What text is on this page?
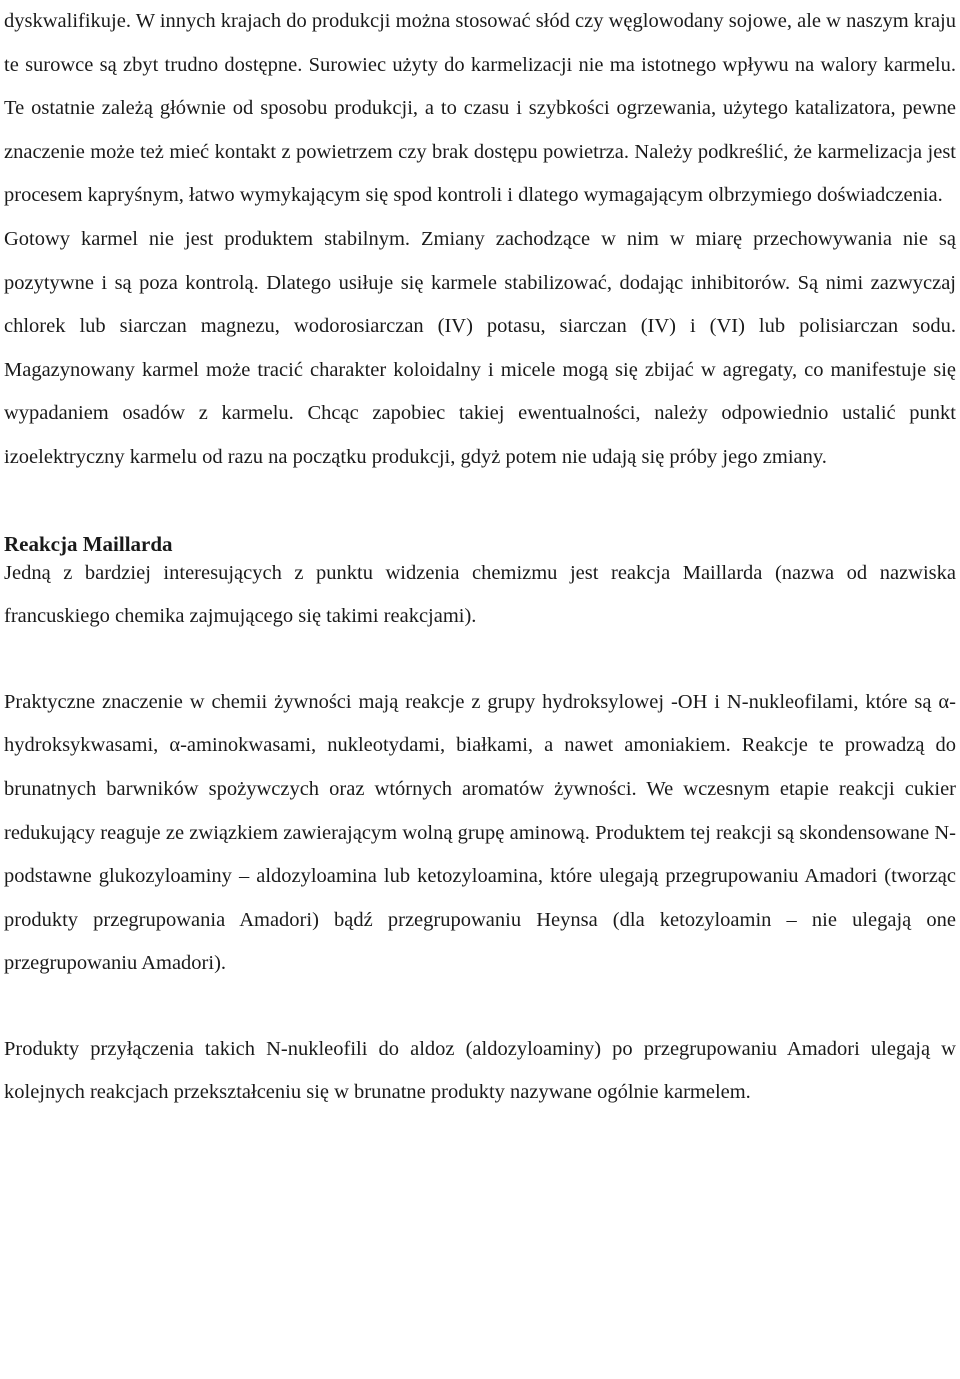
dyskwalifikuje. W innych krajach do produkcji można stosować słód czy węglowodany sojowe, ale w naszym kraju te surowce są zbyt trudno dostępne. Surowiec użyty do karmelizacji nie ma istotnego wpływu na walory karmelu. Te ostatnie zależą głównie od sposobu produkcji, a to czasu i szybkości ogrzewania, użytego katalizatora, pewne znaczenie może też mieć kontakt z powietrzem czy brak dostępu powietrza. Należy podkreślić, że karmelizacja jest procesem kapryśnym, łatwo wymykającym się spod kontroli i dlatego wymagającym olbrzymiego doświadczenia.

Gotowy karmel nie jest produktem stabilnym. Zmiany zachodzące w nim w miarę przechowywania nie są pozytywne i są poza kontrolą. Dlatego usiłuje się karmele stabilizować, dodając inhibitorów. Są nimi zazwyczaj chlorek lub siarczan magnezu, wodorosiarczan (IV) potasu, siarczan (IV) i (VI) lub polisiarczan sodu. Magazynowany karmel może tracić charakter koloidalny i micele mogą się zbijać w agregaty, co manifestuje się wypadaniem osadów z karmelu. Chcąc zapobiec takiej ewentualności, należy odpowiednio ustalić punkt izoelektryczny karmelu od razu na początku produkcji, gdyż potem nie udają się próby jego zmiany.

Reakcja Maillarda

Jedną z bardziej interesujących z punktu widzenia chemizmu jest reakcja Maillarda (nazwa od nazwiska francuskiego chemika zajmującego się takimi reakcjami).

Praktyczne znaczenie w chemii żywności mają reakcje z grupy hydroksylowej -OH i N-nukleofilami, które są α-hydroksykwasami, α-aminokwasami, nukleotydami, białkami, a nawet amoniakiem. Reakcje te prowadzą do brunatnych barwników spożywczych oraz wtórnych aromatów żywności. We wczesnym etapie reakcji cukier redukujący reaguje ze związkiem zawierającym wolną grupę aminową. Produktem tej reakcji są skondensowane N-podstawne glukozyloaminy – aldozyloamina lub ketozyloamina, które ulegają przegrupowaniu Amadori (tworząc produkty przegrupowania Amadori) bądź przegrupowaniu Heynsa (dla ketozyloamin – nie ulegają one przegrupowaniu Amadori).

Produkty przyłączenia takich N-nukleofili do aldoz (aldozyloaminy) po przegrupowaniu Amadori ulegają w kolejnych reakcjach przekształceniu się w brunatne produkty nazywane ogólnie karmelem.
